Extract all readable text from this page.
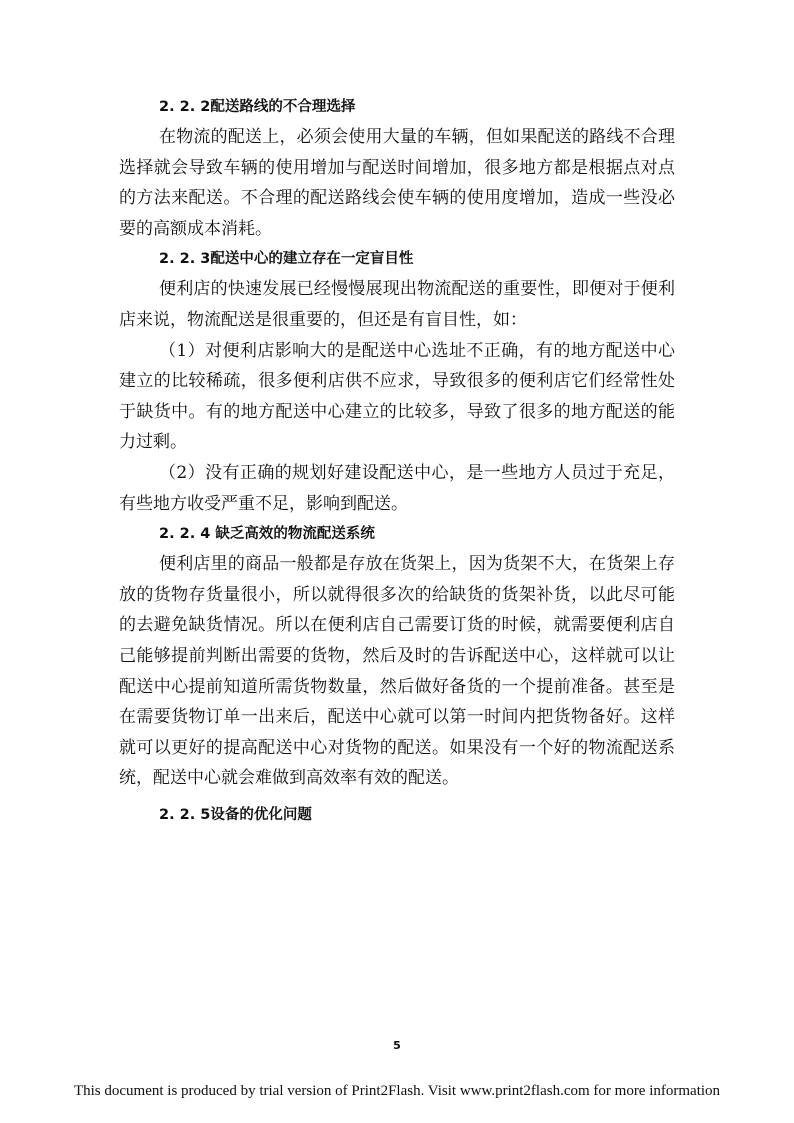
2. 2. 2配送路线的不合理选择

在物流的配送上，必须会使用大量的车辆，但如果配送的路线不合理选择就会导致车辆的使用增加与配送时间增加，很多地方都是根据点对点的方法来配送。不合理的配送路线会使车辆的使用度增加，造成一些没必要的高额成本消耗。

2. 2. 3配送中心的建立存在一定盲目性

便利店的快速发展已经慢慢展现出物流配送的重要性，即便对于便利店来说，物流配送是很重要的，但还是有盲目性，如：

（1）对便利店影响大的是配送中心选址不正确，有的地方配送中心建立的比较稀疏，很多便利店供不应求，导致很多的便利店它们经常性处于缺货中。有的地方配送中心建立的比较多，导致了很多的地方配送的能力过剩。

（2）没有正确的规划好建设配送中心，是一些地方人员过于充足，有些地方收受严重不足，影响到配送。

2. 2. 4 缺乏高效的物流配送系统

便利店里的商品一般都是存放在货架上，因为货架不大，在货架上存放的货物存货量很小，所以就得很多次的给缺货的货架补货，以此尽可能的去避免缺货情况。所以在便利店自己需要订货的时候，就需要便利店自己能够提前判断出需要的货物，然后及时的告诉配送中心，这样就可以让配送中心提前知道所需货物数量，然后做好备货的一个提前准备。甚至是在需要货物订单一出来后，配送中心就可以第一时间内把货物备好。这样就可以更好的提高配送中心对货物的配送。如果没有一个好的物流配送系统，配送中心就会难做到高效率有效的配送。

2. 2. 5设备的优化问题
5
This document is produced by trial version of Print2Flash. Visit www.print2flash.com for more information
